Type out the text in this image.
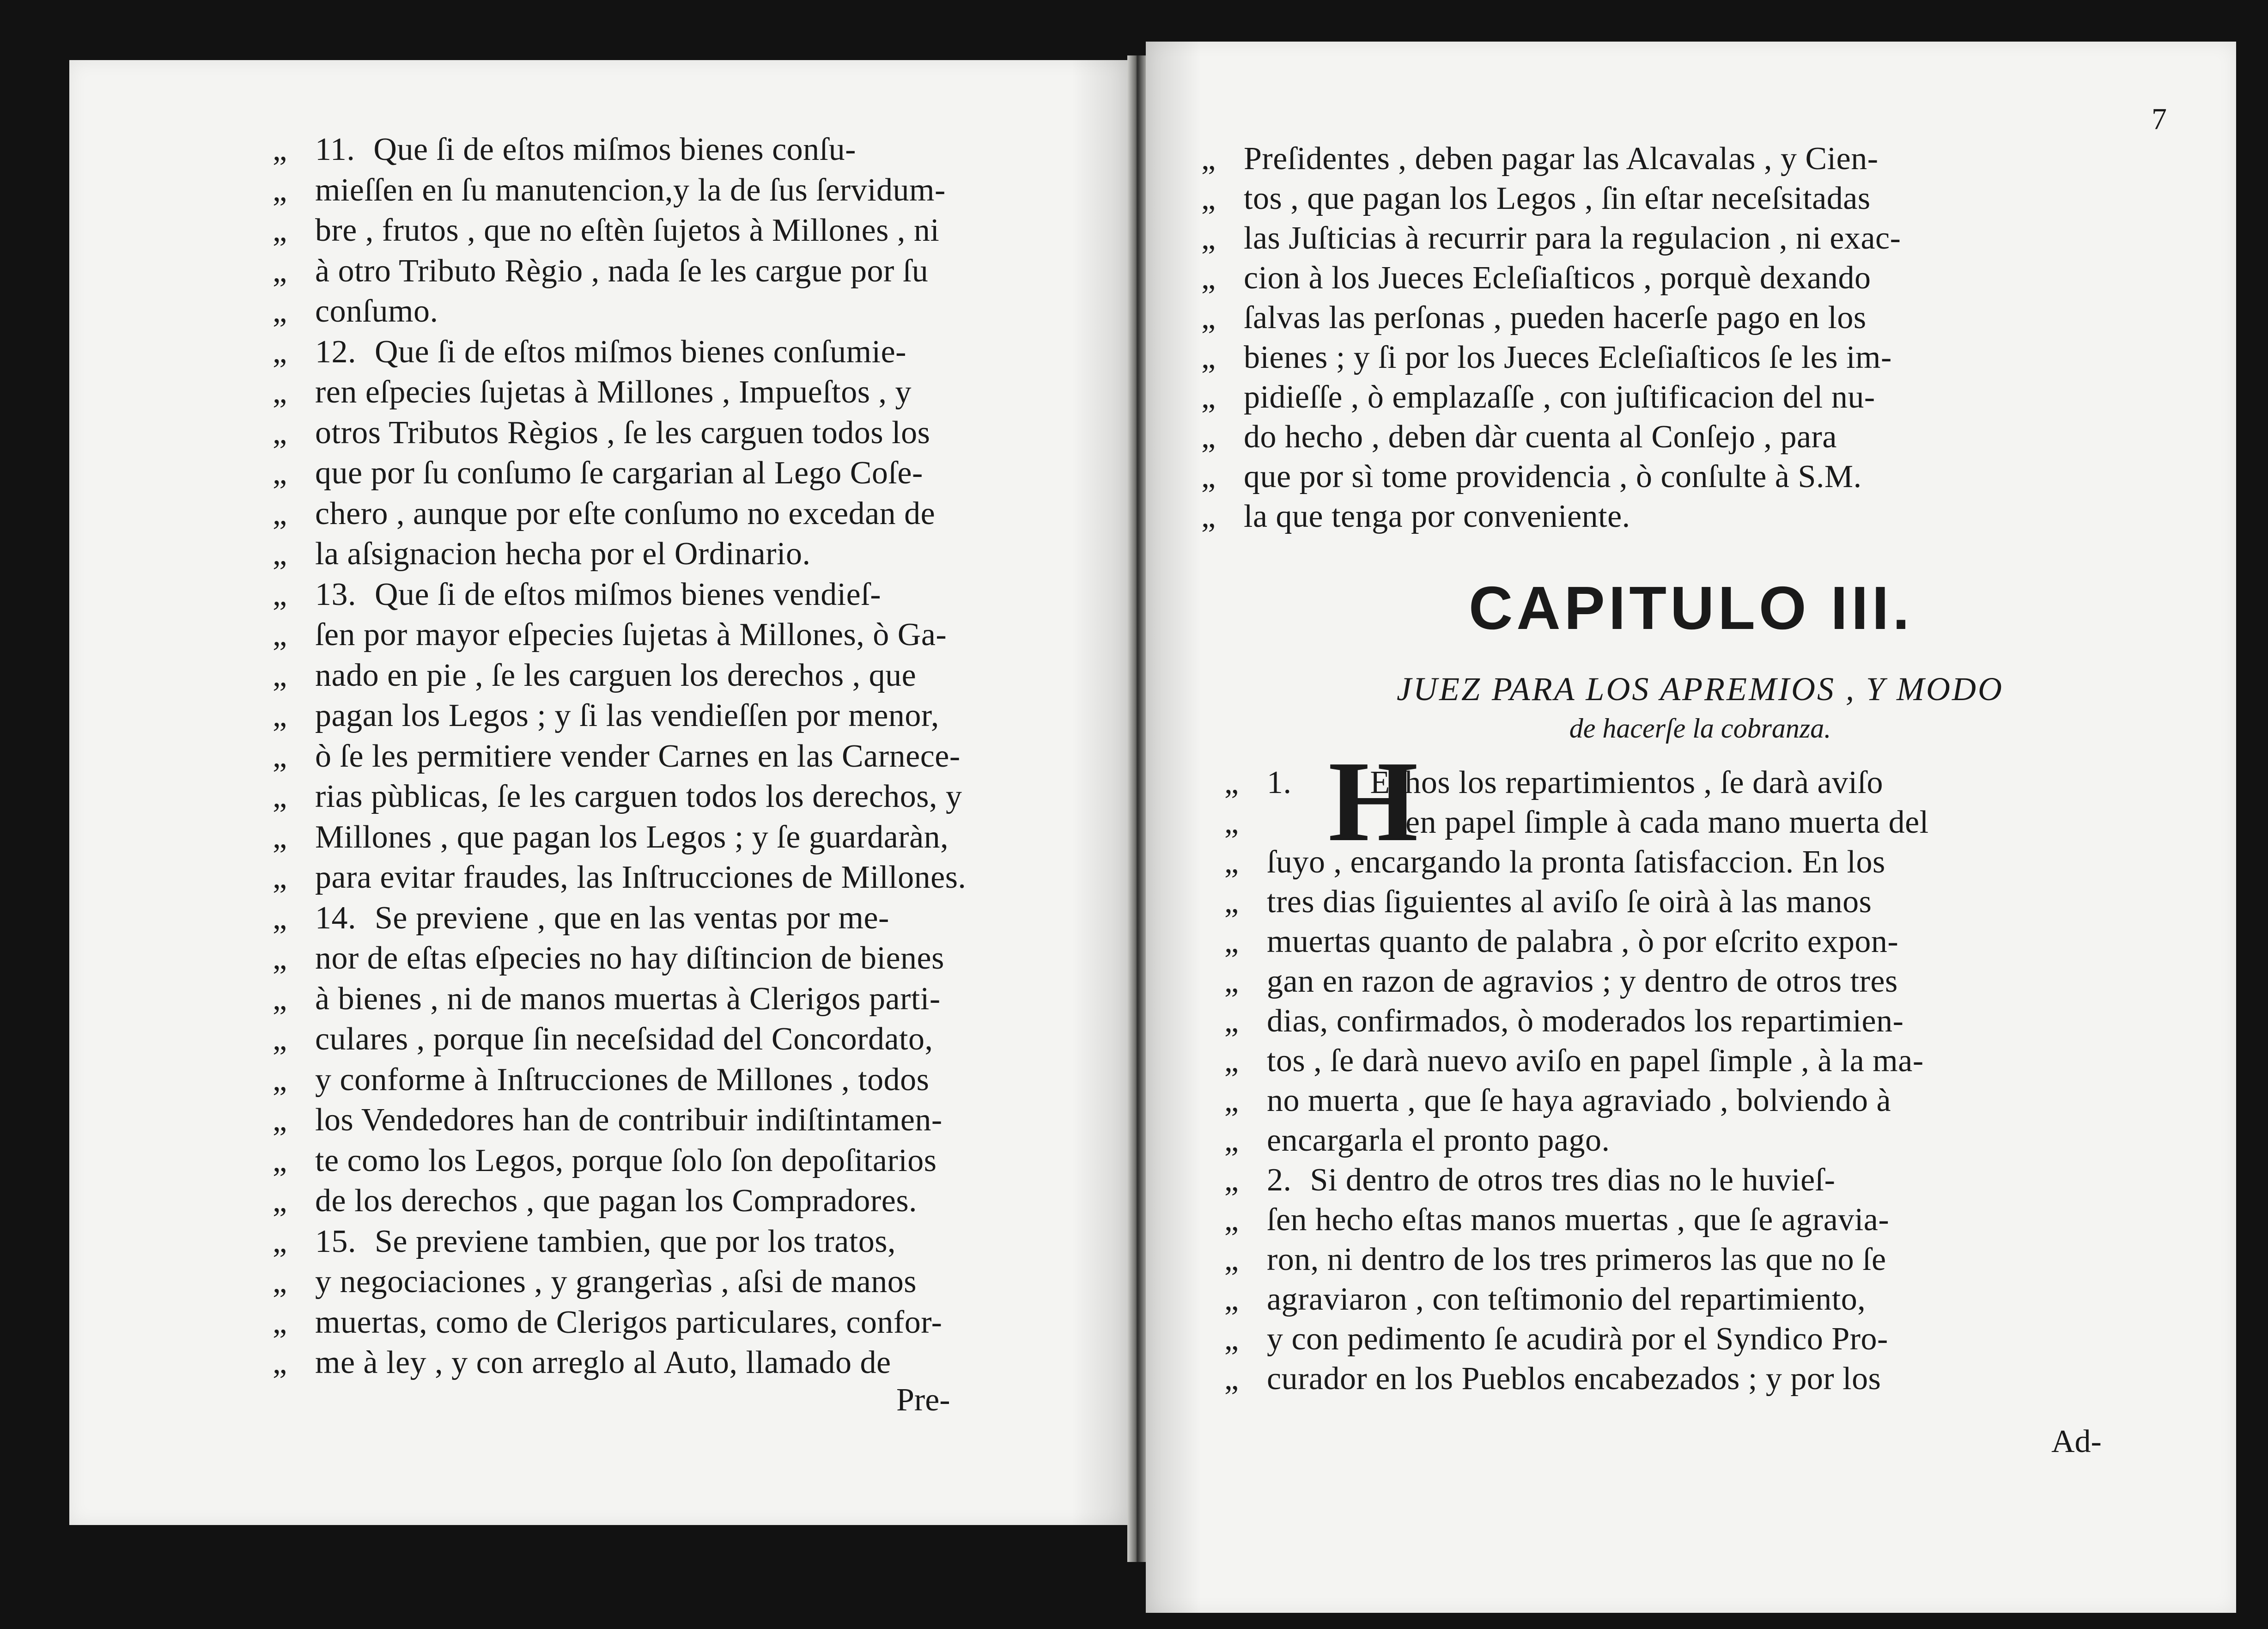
„ 11. Que ſi de eſtos miſmos bienes conſu-
„ mieſſen en ſu manutencion,y la de ſus ſervidum-
„ bre , frutos , que no eſtèn ſujetos à Millones , ni
„ à otro Tributo Règio , nada ſe les cargue por ſu
„ conſumo.
„ 12. Que ſi de eſtos miſmos bienes conſumie-
„ ren eſpecies ſujetas à Millones , Impueſtos , y
„ otros Tributos Règios , ſe les carguen todos los
„ que por ſu conſumo ſe cargarian al Lego Coſe-
„ chero , aunque por eſte conſumo no excedan de
„ la aſsignacion hecha por el Ordinario.
„ 13. Que ſi de eſtos miſmos bienes vendieſ-
„ ſen por mayor eſpecies ſujetas à Millones, ò Ga-
„ nado en pie , ſe les carguen los derechos , que
„ pagan los Legos ; y ſi las vendieſſen por menor,
„ ò ſe les permitiere vender Carnes en las Carnece-
„ rias pùblicas, ſe les carguen todos los derechos, y
„ Millones , que pagan los Legos ; y ſe guardaràn,
„ para evitar fraudes, las Inſtrucciones de Millones.
„ 14. Se previene , que en las ventas por me-
„ nor de eſtas eſpecies no hay diſtincion de bienes
„ à bienes , ni de manos muertas à Clerigos parti-
„ culares , porque ſin neceſsidad del Concordato,
„ y conforme à Inſtrucciones de Millones , todos
„ los Vendedores han de contribuir indiſtintamen-
„ te como los Legos, porque ſolo ſon depoſitarios
„ de los derechos , que pagan los Compradores.
„ 15. Se previene tambien, que por los tratos,
„ y negociaciones , y grangerìas , aſsi de manos
„ muertas, como de Clerigos particulares, confor-
„ me à ley , y con arreglo al Auto, llamado de
Pre-
7
„ Preſidentes , deben pagar las Alcavalas , y Cien-
„ tos , que pagan los Legos , ſin eſtar neceſsitadas
„ las Juſticias à recurrir para la regulacion , ni exac-
„ cion à los Jueces Ecleſiaſticos , porquè dexando
„ ſalvas las perſonas , pueden hacerſe pago en los
„ bienes ; y ſi por los Jueces Ecleſiaſticos ſe les im-
„ pidieſſe , ò emplazaſſe , con juſtificacion del nu-
„ do hecho , deben dàr cuenta al Conſejo , para
„ que por sì tome providencia , ò conſulte à S.M.
„ la que tenga por conveniente.
CAPITULO III.
JUEZ PARA LOS APREMIOS , Y MODO
de hacerſe la cobranza.
H
„ 1. Echos los repartimientos , ſe darà aviſo
„	en papel ſimple à cada mano muerta del
„ ſuyo , encargando la pronta ſatisfaccion. En los
„ tres dias ſiguientes al aviſo ſe oirà à las manos
„ muertas quanto de palabra , ò por eſcrito expon-
„ gan en razon de agravios ; y dentro de otros tres
„ dias, confirmados, ò moderados los repartimien-
„ tos , ſe darà nuevo aviſo en papel ſimple , à la ma-
„ no muerta , que ſe haya agraviado , bolviendo à
„ encargarla el pronto pago.
„ 2. Si dentro de otros tres dias no le huvieſ-
„ ſen hecho eſtas manos muertas , que ſe agravia-
„ ron, ni dentro de los tres primeros las que no ſe
„ agraviaron , con teſtimonio del repartimiento,
„ y con pedimento ſe acudirà por el Syndico Pro-
„ curador en los Pueblos encabezados ; y por los
Ad-
